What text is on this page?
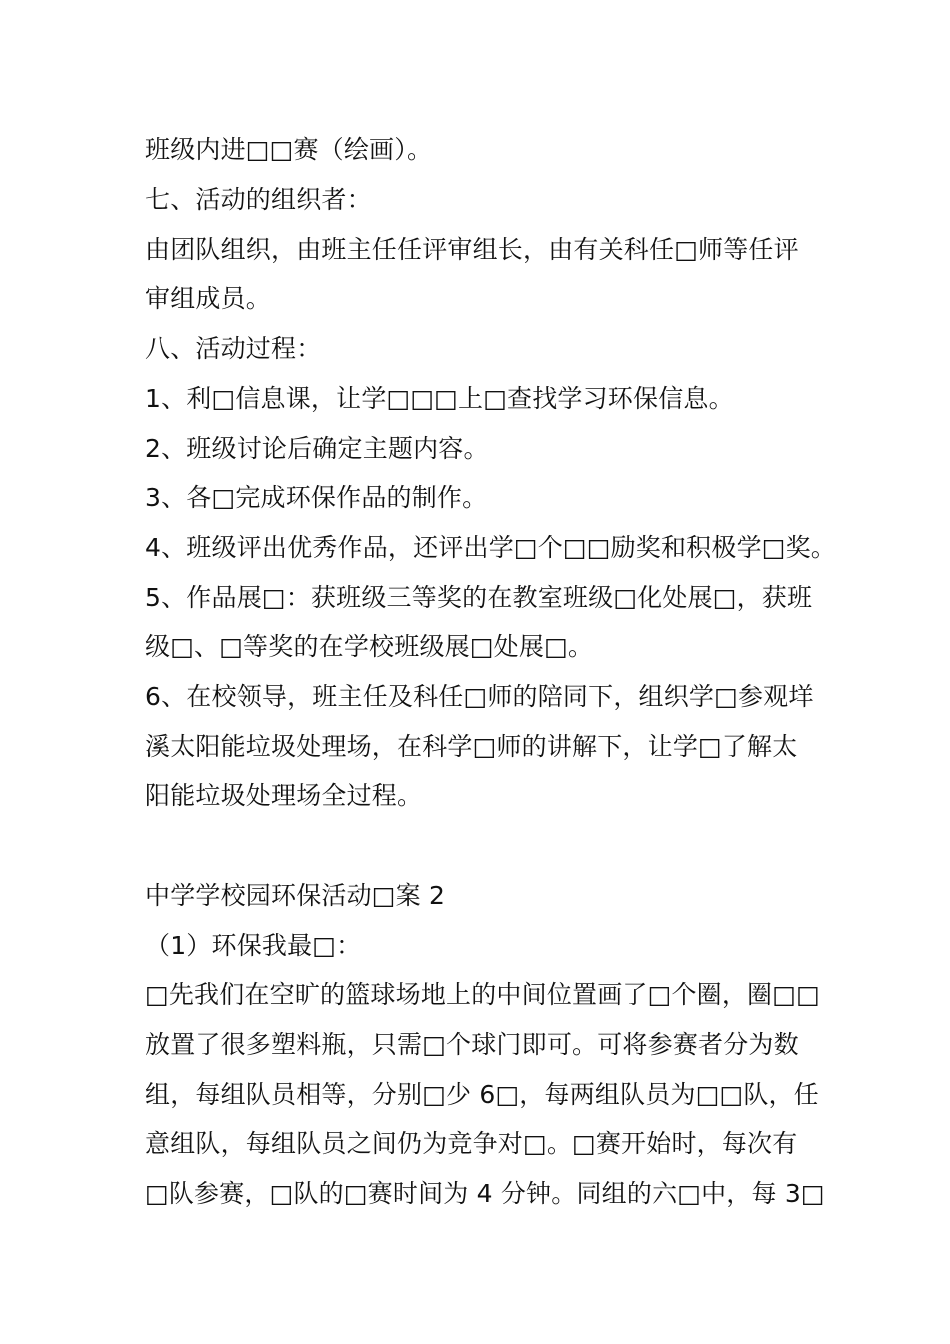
班级内进□□赛（绘画）。
七、活动的组织者：
由团队组织，由班主任任评审组长，由有关科任□师等任评
审组成员。
八、活动过程：
1、利□信息课，让学□□□上□查找学习环保信息。
2、班级讨论后确定主题内容。
3、各□完成环保作品的制作。
4、班级评出优秀作品，还评出学□个□□励奖和积极学□奖。
5、作品展□：获班级三等奖的在教室班级□化处展□，获班
级□、□等奖的在学校班级展□处展□。
6、在校领导，班主任及科任□师的陪同下，组织学□参观垟
溪太阳能垃圾处理场，在科学□师的讲解下，让学□了解太
阳能垃圾处理场全过程。
中学学校园环保活动□案 2
（1）环保我最□：
□先我们在空旷的篮球场地上的中间位置画了□个圈，圈□□
放置了很多塑料瓶，只需□个球门即可。可将参赛者分为数
组，每组队员相等，分别□少 6□，每两组队员为□□队，任
意组队，每组队员之间仍为竞争对□。□赛开始时，每次有
□队参赛，□队的□赛时间为 4 分钟。同组的六□中，每 3□
